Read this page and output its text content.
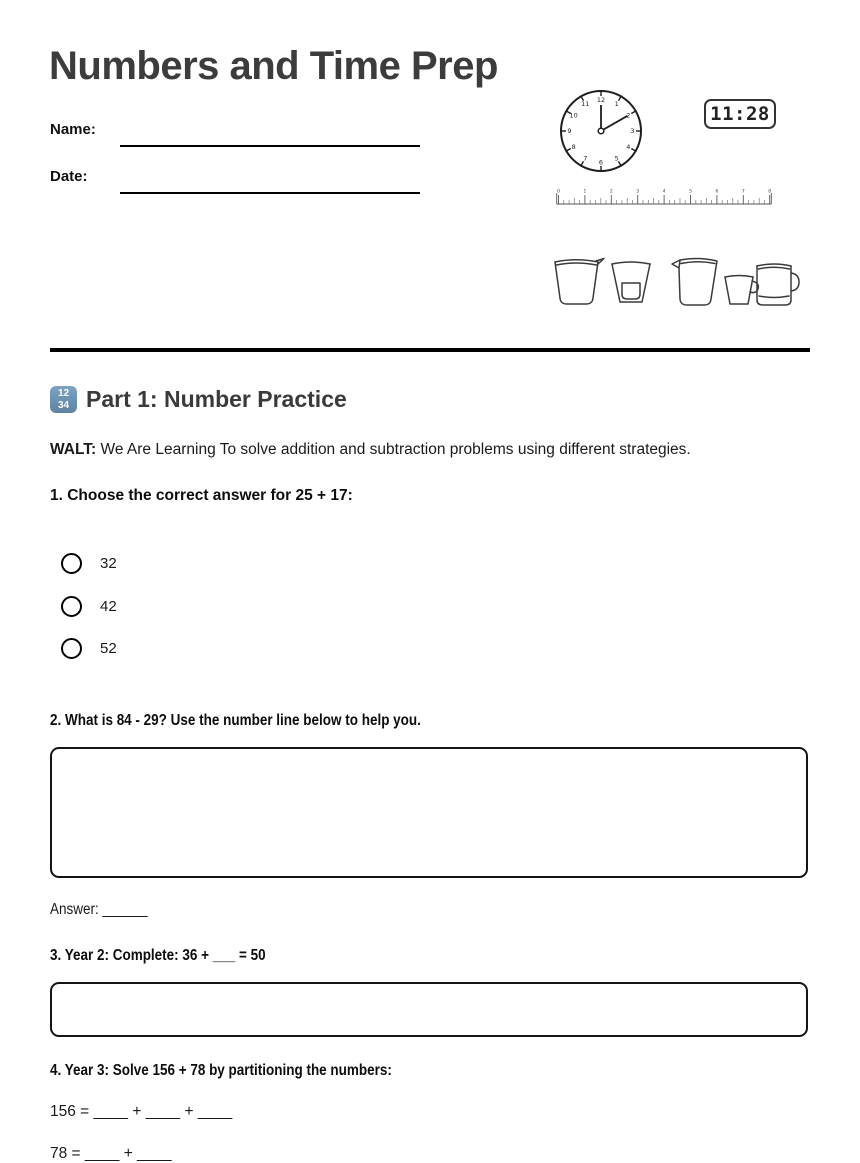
Numbers and Time Prep
Name:
Date:
12 1
2
3
4
5
6
7
8
9
10
11	11:28
0	1	2	3	4	5	6	7	8
12
34 Part 1: Number Practice
WALT: We Are Learning To solve addition and subtraction problems using different strategies.
1. Choose the correct answer for 25 + 17:
32
42
52
2. What is 84 - 29? Use the number line below to help you.
Answer: ______
3. Year 2: Complete: 36 + ___ = 50
4. Year 3: Solve 156 + 78 by partitioning the numbers:
156 = ____ + ____ + ____
78 = ____ + ____
